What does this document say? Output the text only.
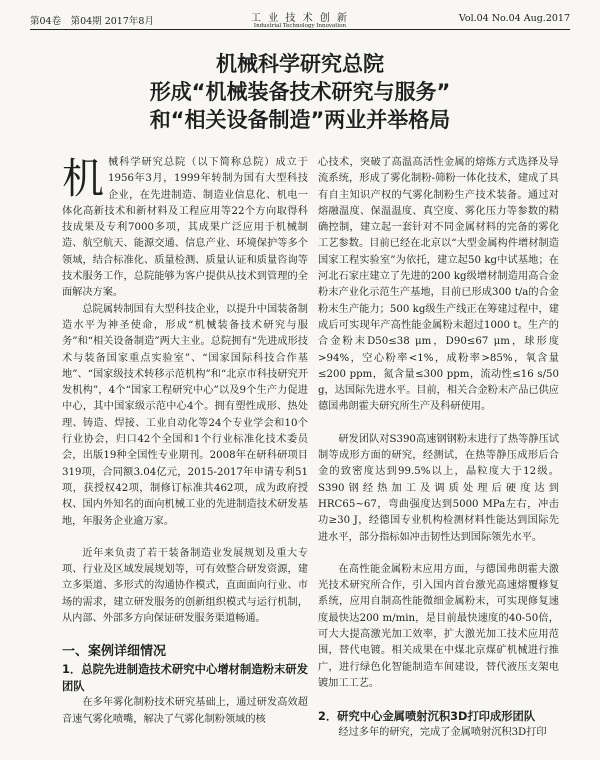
第04卷　第04期 2017年8月	工 业 技 术 创 新
Industrial Technology Innovation
Vol.04 No.04 Aug.2017
机械科学研究总院
形成“机械装备技术研究与服务”
和“相关设备制造”两业并举格局

机械科学研究总院（以下简称总院）成立于1956年3月，1999年转制为国有大型科技企业，在先进制造、制造业信息化、机电一体化高新技术和新材料及工程应用等22个方向取得科技成果及专利7000多项，其成果广泛应用于机械制造、航空航天、能源交通、信息产业、环境保护等多个领域，结合标准化、质量检测、质量认证和质量咨询等技术服务工作，总院能够为客户提供从技术到管理的全面解决方案。

总院属转制国有大型科技企业，以提升中国装备制造水平为神圣使命，形成“机械装备技术研究与服务”和“相关设备制造”两大主业。总院拥有“先进成形技术与装备国家重点实验室”、“国家国际科技合作基地”、“国家级技术转移示范机构”和“北京市科技研究开发机构”，4个“国家工程研究中心”以及9个生产力促进中心，其中国家级示范中心4个。拥有塑性成形、热处理、铸造、焊接、工业自动化等24个专业学会和10个行业协会，归口42个全国和1个行业标准化技术委员会，出版19种全国性专业期刊。2008年在研科研项目319项，合同额3.04亿元，2015-2017年申请专利51项，获授权42项，制修订标准共462项，成为政府授权、国内外知名的面向机械工业的先进制造技术研发基地，年服务企业逾万家。

近年来负责了若干装备制造业发展规划及重大专项、行业及区域发展规划等，可有效整合研发资源，建立多渠道、多形式的沟通协作模式，直面面向行业、市场的需求，建立研发服务的创新组织模式与运行机制，从内部、外部多方向保证研发服务渠道畅通。

一、案例详细情况

1．总院先进制造技术研究中心增材制造粉末研发团队

在多年雾化制粉技术研究基础上，通过研发高效超音速气雾化喷嘴，解决了气雾化制粉领域的核

心技术，突破了高温高活性金属的熔炼方式选择及导流系统，形成了雾化制粉-筛粉一体化技术，建成了具有自主知识产权的气雾化制粉生产技术装备。通过对熔融温度、保温温度、真空度、雾化压力等参数的精确控制，建立起一套针对不同金属材料的完备的雾化工艺参数。目前已经在北京以“大型金属构件增材制造国家工程实验室”为依托，建立起50 kg中试基地；在河北石家庄建立了先进的200 kg级增材制造用高合金粉末产业化示范生产基地，目前已形成300 t/a的合金粉末生产能力；500 kg级生产线正在筹建过程中，建成后可实现年产高性能金属粉末超过1000 t。生产的合金粉末D50≤38 μm，D90≤67 μm，球形度>94%，空心粉率<1%，成粉率>85%，氧含量≤200 ppm，氮含量≤300 ppm，流动性≤16 s/50 g，达国际先进水平。目前，相关合金粉末产品已供应德国弗朗霍夫研究所生产及科研使用。

研发团队对S390高速钢钢粉末进行了热等静压试制等成形方面的研究，经测试，在热等静压成形后合金的致密度达到99.5%以上，晶粒度大于12级。S390钢经热加工及调质处理后硬度达到HRC65~67，弯曲强度达到5000 MPa左右，冲击功≥30 J，经德国专业机构检测材料性能达到国际先进水平，部分指标如冲击韧性达到国际领先水平。

在高性能金属粉末应用方面，与德国弗朗霍夫激光技术研究所合作，引入国内首台激光高速熔覆修复系统，应用自制高性能微细金属粉末，可实现修复速度最快达200 m/min，是目前最快速度的40-50倍，可大大提高激光加工效率，扩大激光加工技术应用范围，替代电镀。相关成果在中煤北京煤矿机械进行推广，进行绿色化智能制造车间建设，替代液压支架电镀加工工艺。

2．研究中心金属喷射沉积3D打印成形团队

经过多年的研究，完成了金属喷射沉积3D打印
